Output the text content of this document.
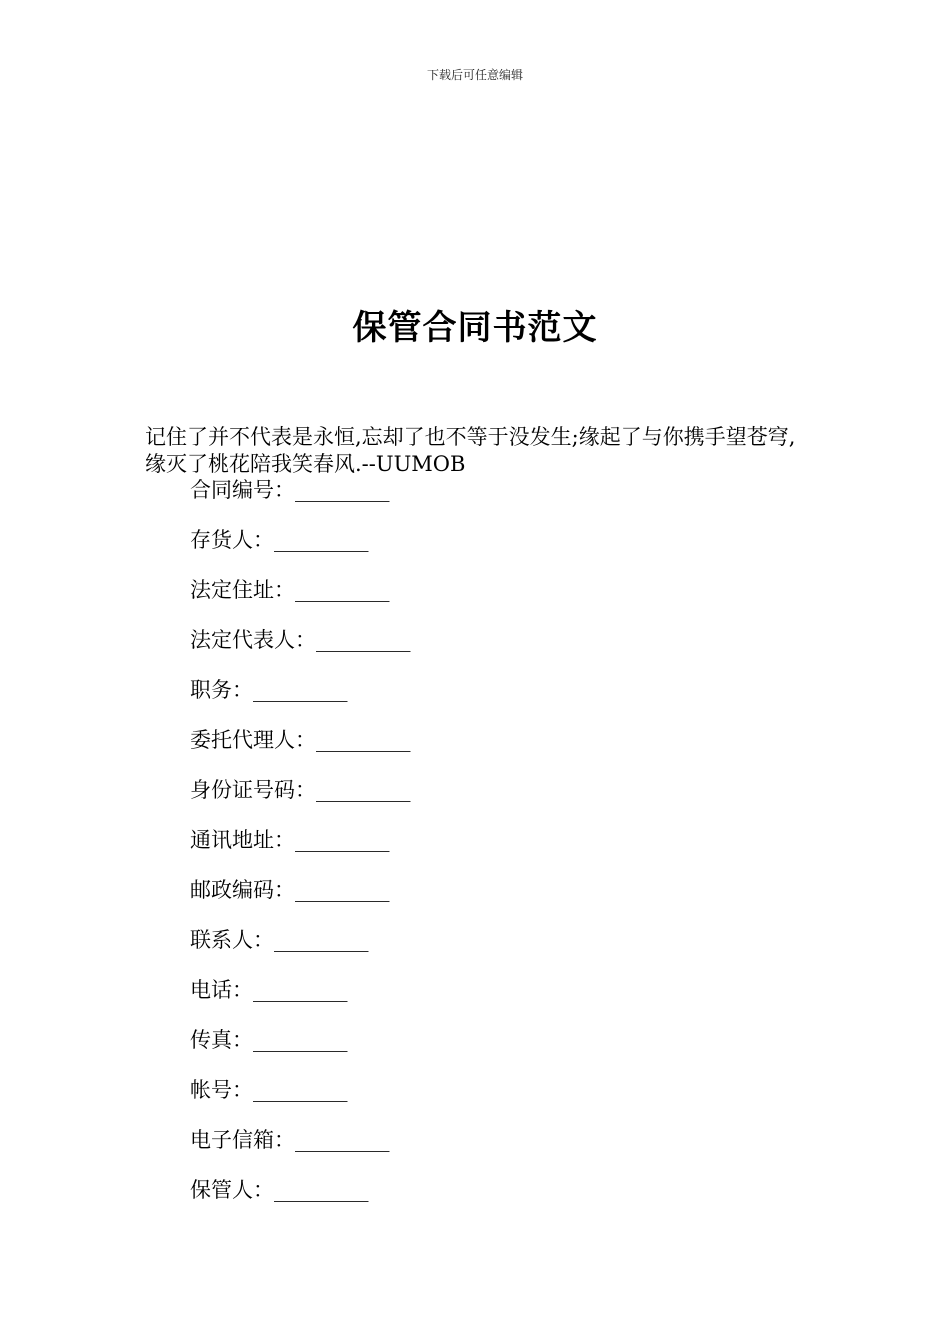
下载后可任意编辑
保管合同书范文
记住了并不代表是永恒,忘却了也不等于没发生;缘起了与你携手望苍穹,缘灭了桃花陪我笑春风.--UUMOB
合同编号：_________
存货人：_________
法定住址：_________
法定代表人：_________
职务：_________
委托代理人：_________
身份证号码：_________
通讯地址：_________
邮政编码：_________
联系人：_________
电话：_________
传真：_________
帐号：_________
电子信箱：_________
保管人：_________
